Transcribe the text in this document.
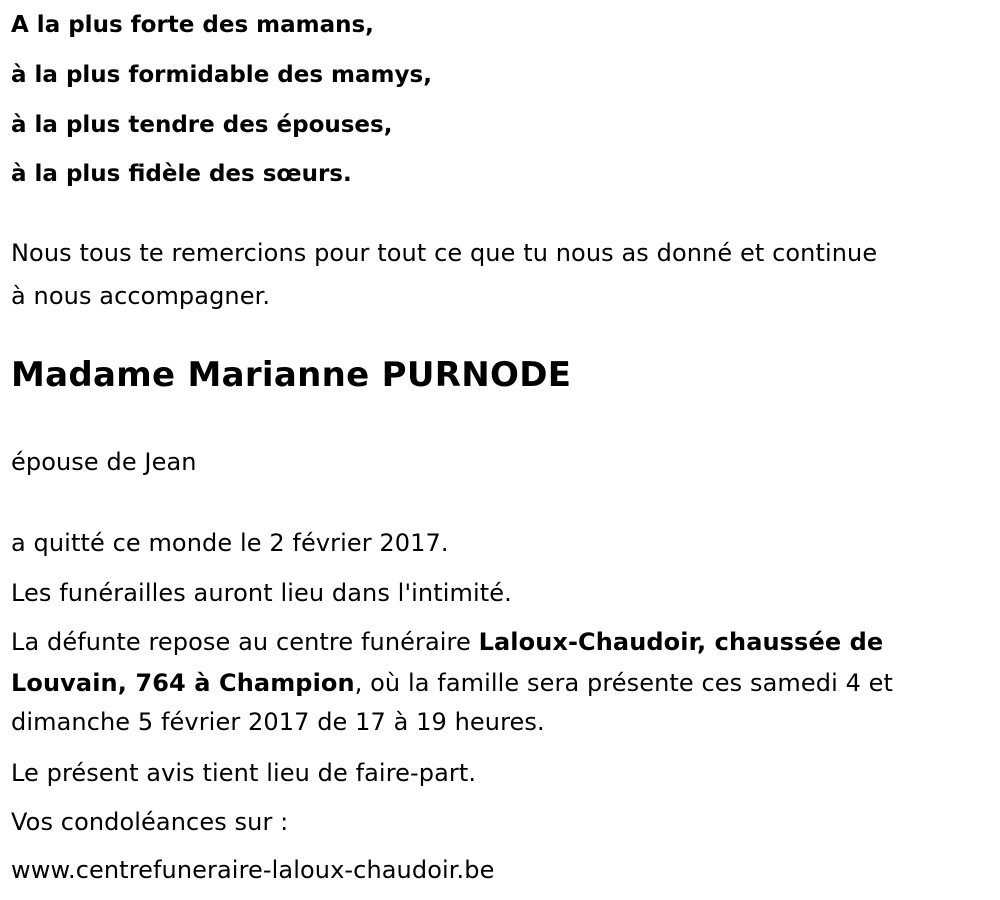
A la plus forte des mamans,

à la plus formidable des mamys,

à la plus tendre des épouses,

à la plus fidèle des sœurs.

Nous tous te remercions pour tout ce que tu nous as donné et continue

à nous accompagner.

Madame Marianne PURNODE

épouse de Jean

a quitté ce monde le 2 février 2017.

Les funérailles auront lieu dans l'intimité.

La défunte repose au centre funéraire Laloux-Chaudoir, chaussée de

Louvain, 764 à Champion, où la famille sera présente ces samedi 4 et

dimanche 5 février 2017 de 17 à 19 heures.

Le présent avis tient lieu de faire-part.

Vos condoléances sur :

www.centrefuneraire-laloux-chaudoir.be
